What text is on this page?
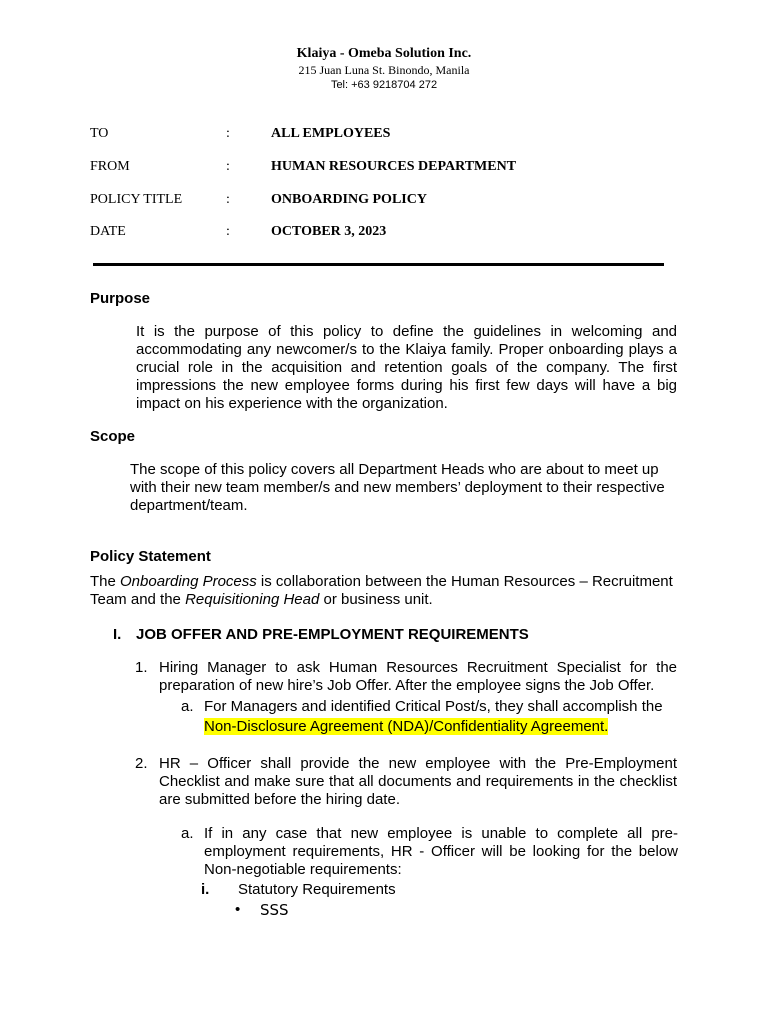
Klaiya - Omeba Solution Inc.
215 Juan Luna St. Binondo, Manila
Tel: +63 9218704 272
TO	:	ALL EMPLOYEES
FROM	:	HUMAN RESOURCES DEPARTMENT
POLICY TITLE	:	ONBOARDING POLICY
DATE	:	OCTOBER 3, 2023
Purpose
It is the purpose of this policy to define the guidelines in welcoming and accommodating any newcomer/s to the Klaiya family. Proper onboarding plays a crucial role in the acquisition and retention goals of the company. The first impressions the new employee forms during his first few days will have a big impact on his experience with the organization.
Scope
The scope of this policy covers all Department Heads who are about to meet up with their new team member/s and new members’ deployment to their respective department/team.
Policy Statement
The Onboarding Process is collaboration between the Human Resources – Recruitment Team and the Requisitioning Head or business unit.
I. JOB OFFER AND PRE-EMPLOYMENT REQUIREMENTS
1. Hiring Manager to ask Human Resources Recruitment Specialist for the preparation of new hire’s Job Offer. After the employee signs the Job Offer.
a. For Managers and identified Critical Post/s, they shall accomplish the
Non-Disclosure Agreement (NDA)/Confidentiality Agreement.
2. HR – Officer shall provide the new employee with the Pre-Employment Checklist and make sure that all documents and requirements in the checklist are submitted before the hiring date.
a. If in any case that new employee is unable to complete all pre-employment requirements, HR - Officer will be looking for the below Non-negotiable requirements:
i. Statutory Requirements
• SSS
